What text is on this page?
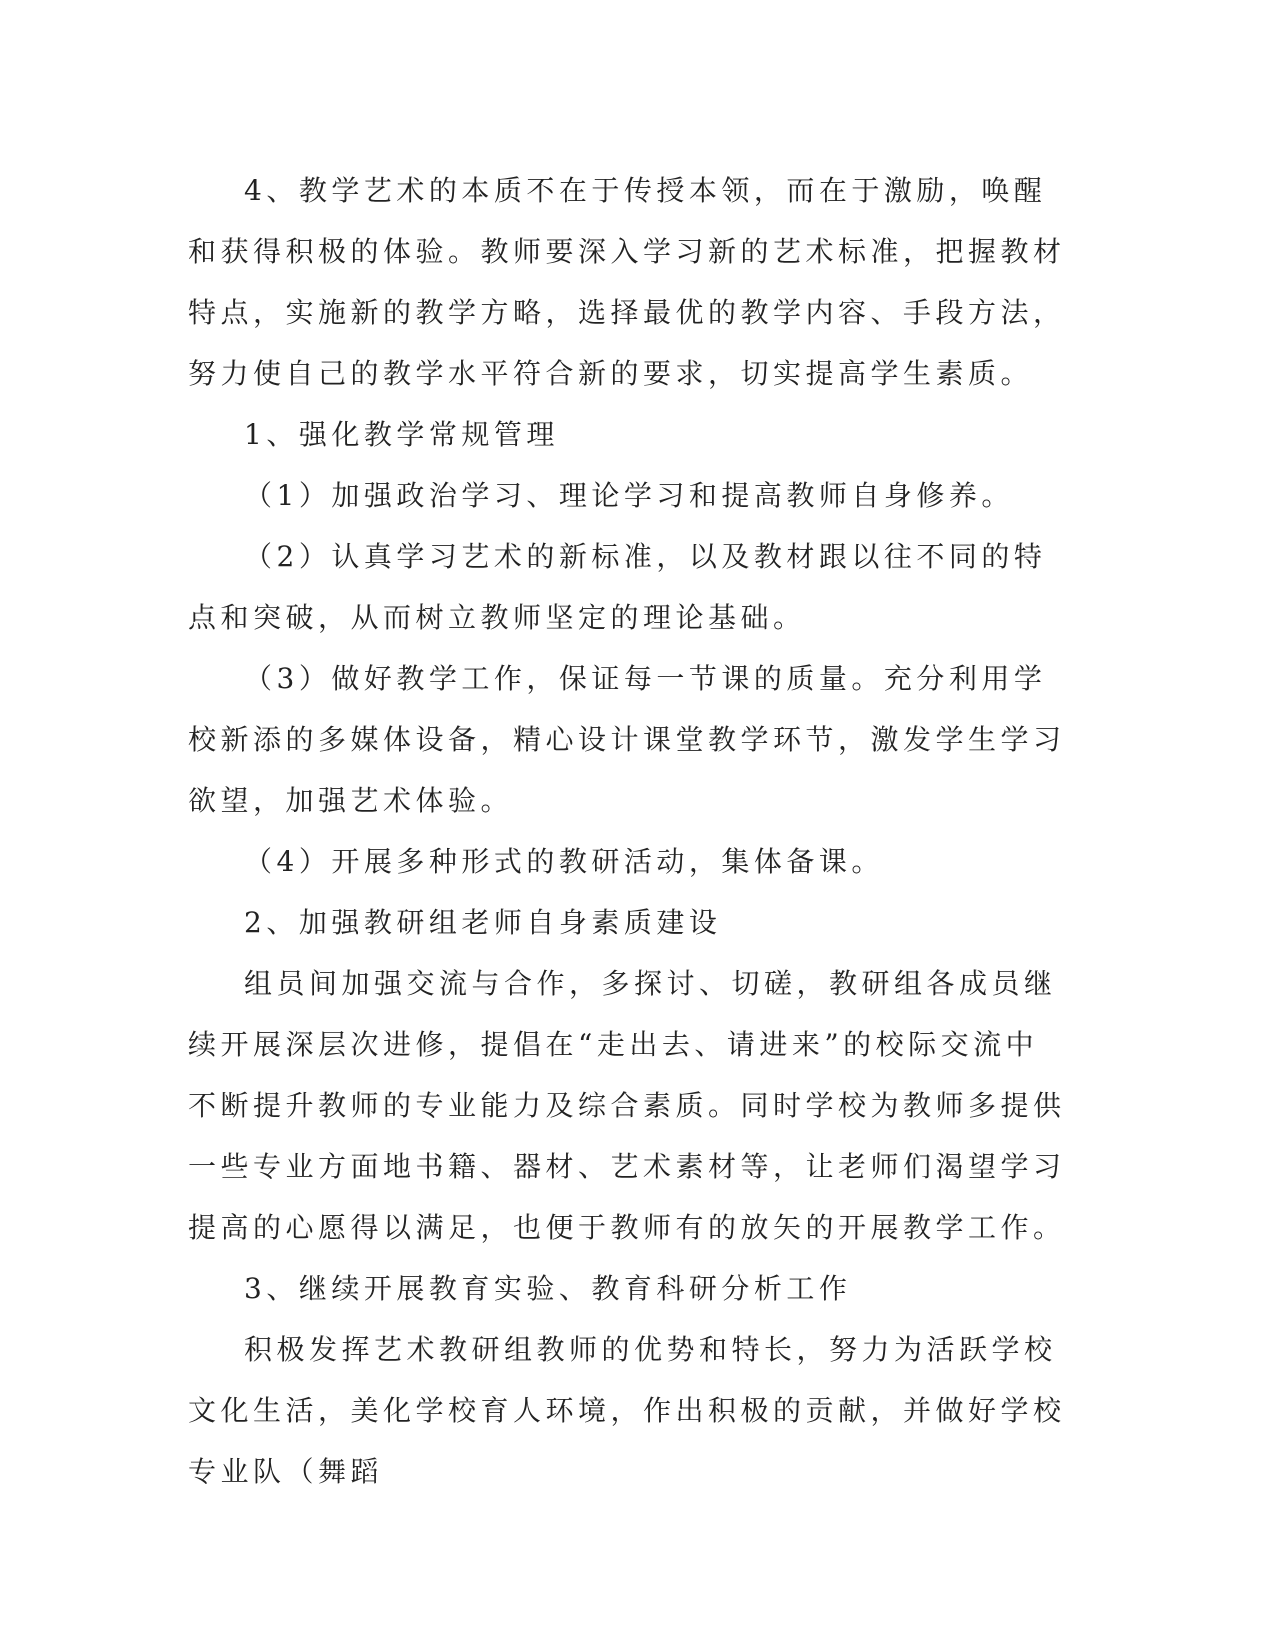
4、教学艺术的本质不在于传授本领，而在于激励，唤醒和获得积极的体验。教师要深入学习新的艺术标准，把握教材特点，实施新的教学方略，选择最优的教学内容、手段方法，努力使自己的教学水平符合新的要求，切实提高学生素质。

1、强化教学常规管理

（1）加强政治学习、理论学习和提高教师自身修养。

（2）认真学习艺术的新标准，以及教材跟以往不同的特点和突破，从而树立教师坚定的理论基础。

（3）做好教学工作，保证每一节课的质量。充分利用学校新添的多媒体设备，精心设计课堂教学环节，激发学生学习欲望，加强艺术体验。

（4）开展多种形式的教研活动，集体备课。

2、加强教研组老师自身素质建设

组员间加强交流与合作，多探讨、切磋，教研组各成员继续开展深层次进修，提倡在“走出去、请进来”的校际交流中不断提升教师的专业能力及综合素质。同时学校为教师多提供一些专业方面地书籍、器材、艺术素材等，让老师们渴望学习提高的心愿得以满足，也便于教师有的放矢的开展教学工作。

3、继续开展教育实验、教育科研分析工作

积极发挥艺术教研组教师的优势和特长，努力为活跃学校文化生活，美化学校育人环境，作出积极的贡献，并做好学校专业队（舞蹈
